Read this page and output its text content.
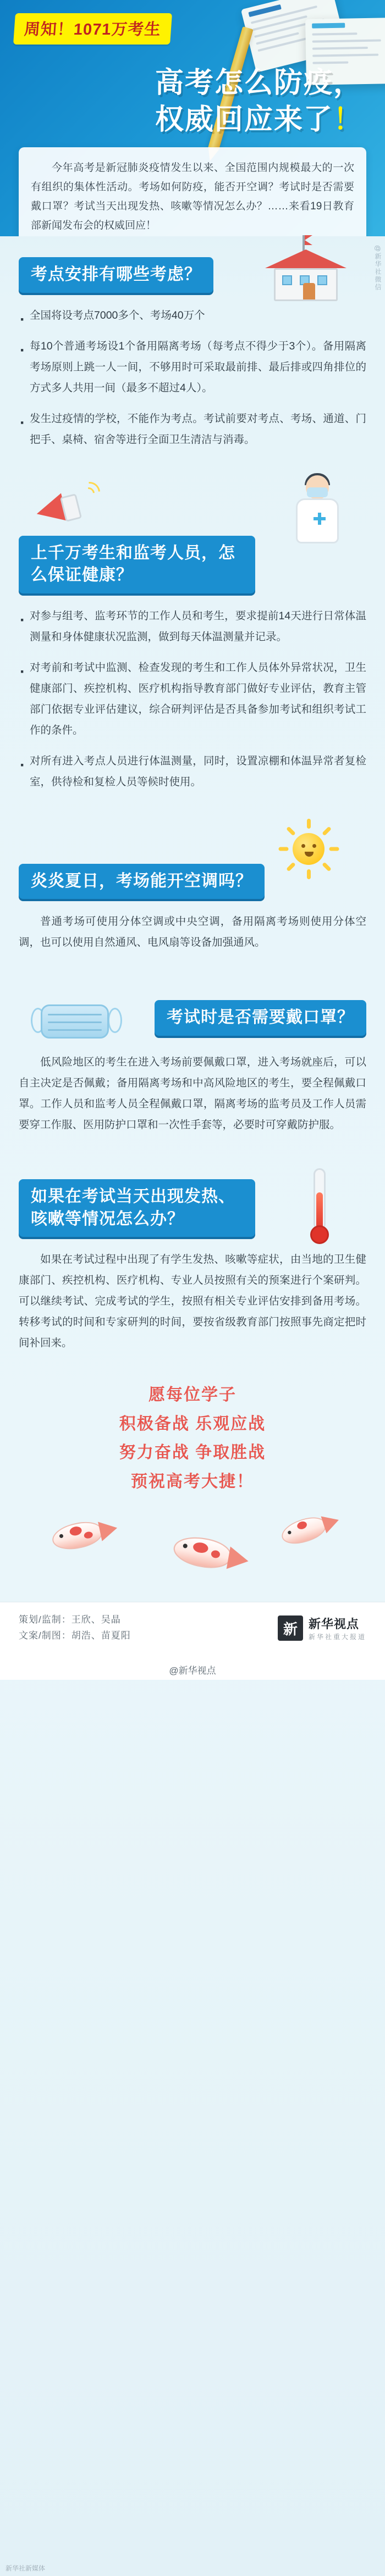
周知！1071万考生
高考怎么防疫，
权威回应来了！

今年高考是新冠肺炎疫情发生以来、全国范围内规模最大的一次有组织的集体性活动。考场如何防疫，能否开空调？考试时是否需要戴口罩？考试当天出现发热、咳嗽等情况怎么办？……来看19日教育部新闻发布会的权威回应！

@新华社微信
考点安排有哪些考虑？

· 全国将设考点7000多个、考场40万个

· 每10个普通考场设1个备用隔离考场（每考点不得少于3个）。备用隔离考场原则上跳一人一间，不够用时可采取最前排、最后排或四角排位的方式多人共用一间（最多不超过4人）。

· 发生过疫情的学校，不能作为考点。考试前要对考点、考场、通道、门把手、桌椅、宿舍等进行全面卫生清洁与消毒。

上千万考生和监考人员，怎么保证健康？

· 对参与组考、监考环节的工作人员和考生，要求提前14天进行日常体温测量和身体健康状况监测，做到每天体温测量并记录。

· 对考前和考试中监测、检查发现的考生和工作人员体外异常状况，卫生健康部门、疾控机构、医疗机构指导教育部门做好专业评估，教育主管部门依据专业评估建议，综合研判评估是否具备参加考试和组织考试工作的条件。

· 对所有进入考点人员进行体温测量，同时，设置凉棚和体温异常者复检室，供待检和复检人员等候时使用。

炎炎夏日，考场能开空调吗？

普通考场可使用分体空调或中央空调，备用隔离考场则使用分体空调，也可以使用自然通风、电风扇等设备加强通风。

考试时是否需要戴口罩？

低风险地区的考生在进入考场前要佩戴口罩，进入考场就座后，可以自主决定是否佩戴；备用隔离考场和中高风险地区的考生，要全程佩戴口罩。工作人员和监考人员全程佩戴口罩，隔离考场的监考员及工作人员需要穿工作服、医用防护口罩和一次性手套等，必要时可穿戴防护服。

如果在考试当天出现发热、咳嗽等情况怎么办？

如果在考试过程中出现了有学生发热、咳嗽等症状，由当地的卫生健康部门、疾控机构、医疗机构、专业人员按照有关的预案进行个案研判。可以继续考试、完成考试的学生，按照有相关专业评估安排到备用考场。转移考试的时间和专家研判的时间，要按省级教育部门按照事先商定把时间补回来。

愿每位学子
积极备战 乐观应战
努力奋战 争取胜战
预祝高考大捷！
策划/监制：王欣、吴晶
文案/制图：胡浩、苗夏阳	新 新华视点
新华社重大报道
@新华视点
新华社新媒体
